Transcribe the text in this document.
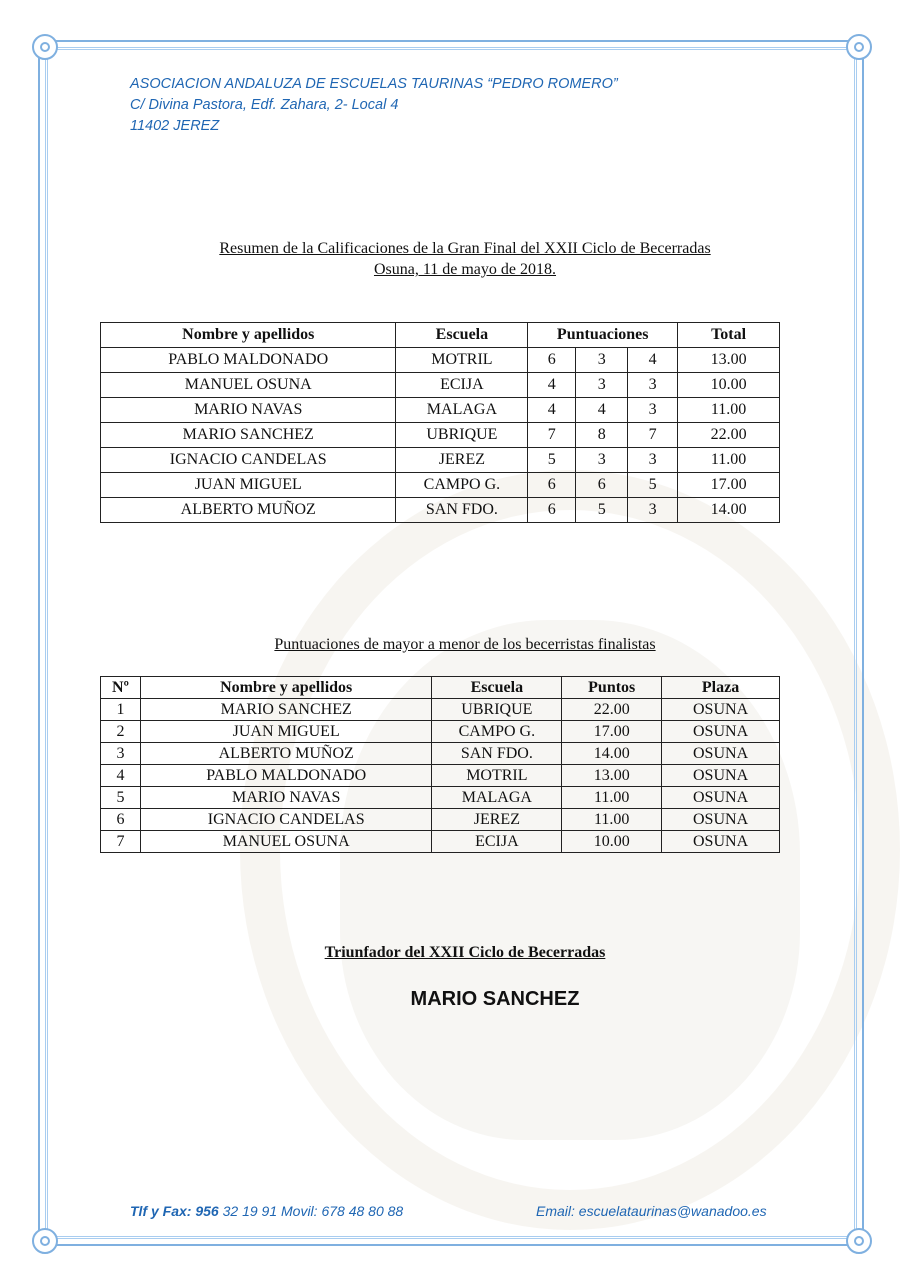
ASOCIACION ANDALUZA DE ESCUELAS TAURINAS “PEDRO ROMERO”
C/ Divina Pastora, Edf. Zahara, 2- Local 4
11402 JEREZ
Resumen de la Calificaciones de la Gran Final del XXII Ciclo de Becerradas
Osuna, 11 de mayo de 2018.
Nombre y apellidos	Escuela	Puntuaciones			Total
PABLO MALDONADO	MOTRIL	6	3	4	13.00
MANUEL OSUNA	ECIJA	4	3	3	10.00
MARIO NAVAS	MALAGA	4	4	3	11.00
MARIO SANCHEZ	UBRIQUE	7	8	7	22.00
IGNACIO CANDELAS	JEREZ	5	3	3	11.00
JUAN MIGUEL	CAMPO G.	6	6	5	17.00
ALBERTO MUÑOZ	SAN FDO.	6	5	3	14.00
Puntuaciones de mayor a menor de los becerristas finalistas
Nº	Nombre y apellidos	Escuela	Puntos	Plaza
1	MARIO SANCHEZ	UBRIQUE	22.00	OSUNA
2	JUAN MIGUEL	CAMPO G.	17.00	OSUNA
3	ALBERTO MUÑOZ	SAN FDO.	14.00	OSUNA
4	PABLO MALDONADO	MOTRIL	13.00	OSUNA
5	MARIO NAVAS	MALAGA	11.00	OSUNA
6	IGNACIO CANDELAS	JEREZ	11.00	OSUNA
7	MANUEL OSUNA	ECIJA	10.00	OSUNA
Triunfador del XXII Ciclo de Becerradas
MARIO SANCHEZ
Tlf y Fax: 956 32 19 91 Movil: 678 48 80 88	Email: escuelataurinas@wanadoo.es
